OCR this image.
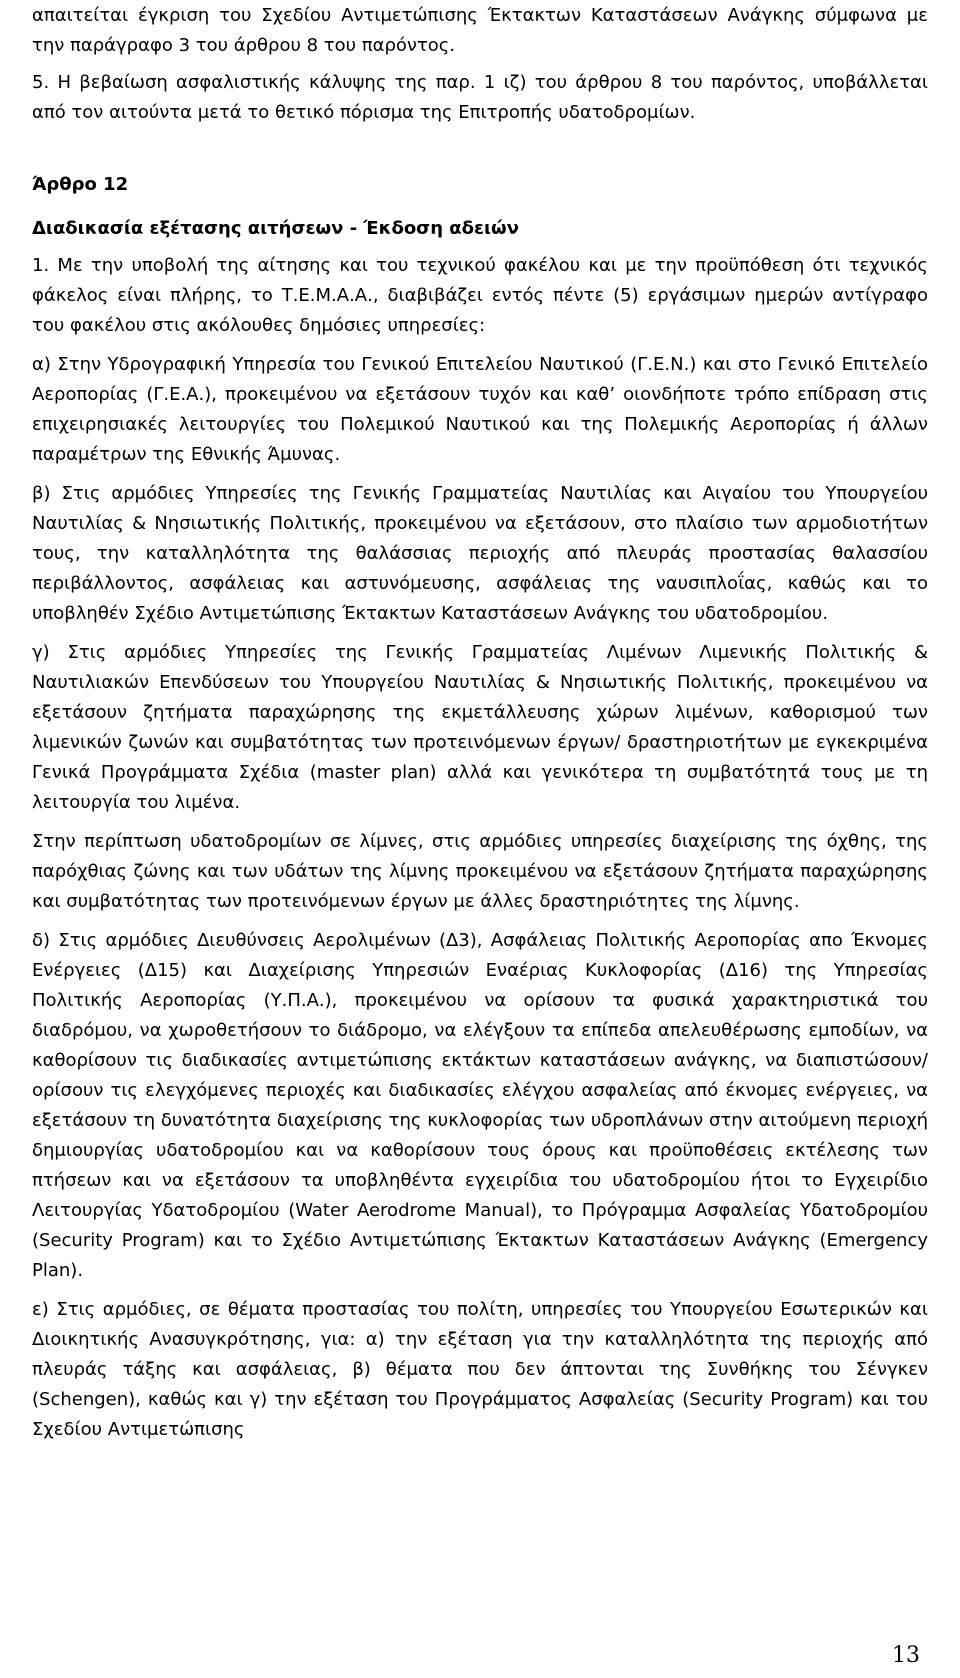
απαιτείται έγκριση του Σχεδίου Αντιμετώπισης Έκτακτων Καταστάσεων Ανάγκης σύμφωνα με την παράγραφο 3 του άρθρου 8 του παρόντος.

5. Η βεβαίωση ασφαλιστικής κάλυψης της παρ. 1 ιζ) του άρθρου 8 του παρόντος, υποβάλλεται από τον αιτούντα μετά το θετικό πόρισμα της Επιτροπής υδατοδρομίων.

Άρθρο 12
Διαδικασία εξέτασης αιτήσεων - Έκδοση αδειών

1. Με την υποβολή της αίτησης και του τεχνικού φακέλου και με την προϋπόθεση ότι τεχνικός φάκελος είναι πλήρης, το Τ.Ε.Μ.Α.Α., διαβιβάζει εντός πέντε (5) εργάσιμων ημερών αντίγραφο του φακέλου στις ακόλουθες δημόσιες υπηρεσίες:

α) Στην Υδρογραφική Υπηρεσία του Γενικού Επιτελείου Ναυτικού (Γ.Ε.Ν.) και στο Γενικό Επιτελείο Αεροπορίας (Γ.Ε.Α.), προκειμένου να εξετάσουν τυχόν και καθ’ οιονδήποτε τρόπο επίδραση στις επιχειρησιακές λειτουργίες του Πολεμικού Ναυτικού και της Πολεμικής Αεροπορίας ή άλλων παραμέτρων της Εθνικής Άμυνας.

β) Στις αρμόδιες Υπηρεσίες της Γενικής Γραμματείας Ναυτιλίας και Αιγαίου του Υπουργείου Ναυτιλίας & Νησιωτικής Πολιτικής, προκειμένου να εξετάσουν, στο πλαίσιο των αρμοδιοτήτων τους, την καταλληλότητα της θαλάσσιας περιοχής από πλευράς προστασίας θαλασσίου περιβάλλοντος, ασφάλειας και αστυνόμευσης, ασφάλειας της ναυσιπλοΐας, καθώς και το υποβληθέν Σχέδιο Αντιμετώπισης Έκτακτων Καταστάσεων Ανάγκης του υδατοδρομίου.

γ) Στις αρμόδιες Υπηρεσίες της Γενικής Γραμματείας Λιμένων Λιμενικής Πολιτικής & Ναυτιλιακών Επενδύσεων του Υπουργείου Ναυτιλίας & Νησιωτικής Πολιτικής, προκειμένου να εξετάσουν ζητήματα παραχώρησης της εκμετάλλευσης χώρων λιμένων, καθορισμού των λιμενικών ζωνών και συμβατότητας των προτεινόμενων έργων/ δραστηριοτήτων με εγκεκριμένα Γενικά Προγράμματα Σχέδια (master plan) αλλά και γενικότερα τη συμβατότητά τους με τη λειτουργία του λιμένα.

Στην περίπτωση υδατοδρομίων σε λίμνες, στις αρμόδιες υπηρεσίες διαχείρισης της όχθης, της παρόχθιας ζώνης και των υδάτων της λίμνης προκειμένου να εξετάσουν ζητήματα παραχώρησης και συμβατότητας των προτεινόμενων έργων με άλλες δραστηριότητες της λίμνης.

δ) Στις αρμόδιες Διευθύνσεις Αερολιμένων (Δ3), Ασφάλειας Πολιτικής Αεροπορίας απο Έκνομες Ενέργειες (Δ15) και Διαχείρισης Υπηρεσιών Εναέριας Κυκλοφορίας (Δ16) της Υπηρεσίας Πολιτικής Αεροπορίας (Υ.Π.Α.), προκειμένου να ορίσουν τα φυσικά χαρακτηριστικά του διαδρόμου, να χωροθετήσουν το διάδρομο, να ελέγξουν τα επίπεδα απελευθέρωσης εμποδίων, να καθορίσουν τις διαδικασίες αντιμετώπισης εκτάκτων καταστάσεων ανάγκης, να διαπιστώσουν/ ορίσουν τις ελεγχόμενες περιοχές και διαδικασίες ελέγχου ασφαλείας από έκνομες ενέργειες, να εξετάσουν τη δυνατότητα διαχείρισης της κυκλοφορίας των υδροπλάνων στην αιτούμενη περιοχή δημιουργίας υδατοδρομίου και να καθορίσουν τους όρους και προϋποθέσεις εκτέλεσης των πτήσεων και να εξετάσουν τα υποβληθέντα εγχειρίδια του υδατοδρομίου ήτοι το Εγχειρίδιο Λειτουργίας Υδατοδρομίου (Water Aerodrome Manual), το Πρόγραμμα Ασφαλείας Υδατοδρομίου (Security Program) και το Σχέδιο Αντιμετώπισης Έκτακτων Καταστάσεων Ανάγκης (Emergency Plan).

ε) Στις αρμόδιες, σε θέματα προστασίας του πολίτη, υπηρεσίες του Υπουργείου Εσωτερικών και Διοικητικής Ανασυγκρότησης, για: α) την εξέταση για την καταλληλότητα της περιοχής από πλευράς τάξης και ασφάλειας, β) θέματα που δεν άπτονται της Συνθήκης του Σένγκεν (Schengen), καθώς και γ) την εξέταση του Προγράμματος Ασφαλείας (Security Program) και του Σχεδίου Αντιμετώπισης

13
